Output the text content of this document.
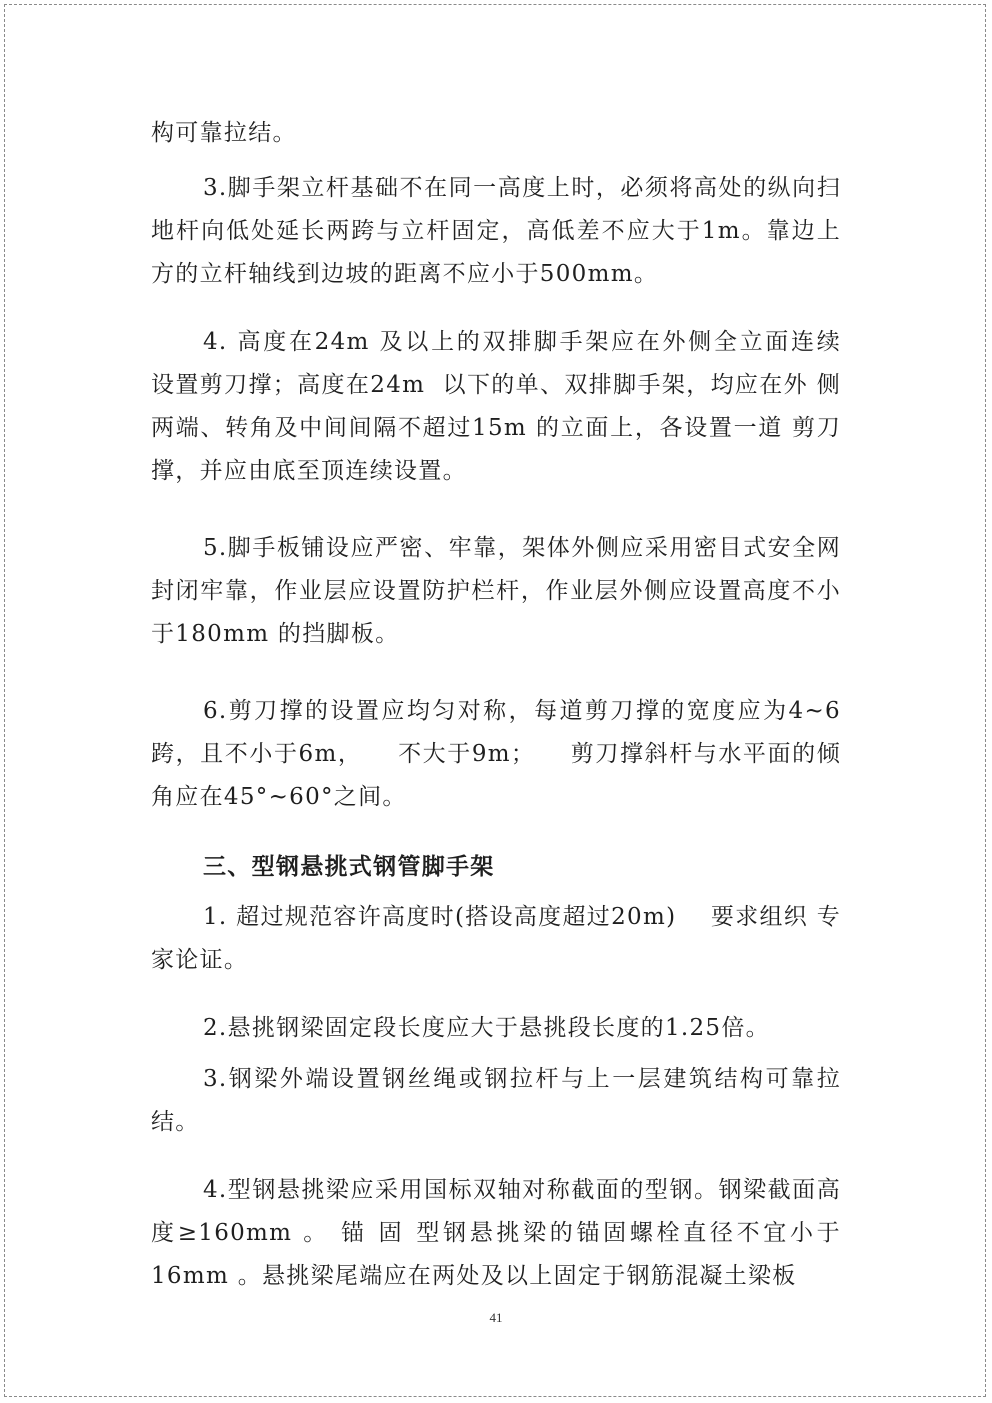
构可靠拉结。

3.脚手架立杆基础不在同一高度上时，必须将高处的纵向扫地杆向低处延长两跨与立杆固定，高低差不应大于1m。靠边上方的立杆轴线到边坡的距离不应小于500mm。

4. 高度在24m 及以上的双排脚手架应在外侧全立面连续 设置剪刀撑；高度在24m  以下的单、双排脚手架，均应在外 侧两端、转角及中间间隔不超过15m 的立面上，各设置一道 剪刀撑，并应由底至顶连续设置。

5.脚手板铺设应严密、牢靠，架体外侧应采用密目式安全网封闭牢靠，作业层应设置防护栏杆，作业层外侧应设置高度不小于180mm 的挡脚板。

6.剪刀撑的设置应均匀对称，每道剪刀撑的宽度应为4~6跨，且不小于6m，    不大于9m；    剪刀撑斜杆与水平面的倾 角应在45°~60°之间。

三、型钢悬挑式钢管脚手架

1. 超过规范容许高度时(搭设高度超过20m)    要求组织 专家论证。

2.悬挑钢梁固定段长度应大于悬挑段长度的1.25倍。

3.钢梁外端设置钢丝绳或钢拉杆与上一层建筑结构可靠拉结。

4.型钢悬挑梁应采用国标双轴对称截面的型钢。钢梁截面高度≥160mm 。 锚 固 型钢悬挑梁的锚固螺栓直径不宜小于16mm 。悬挑梁尾端应在两处及以上固定于钢筋混凝土梁板

41
